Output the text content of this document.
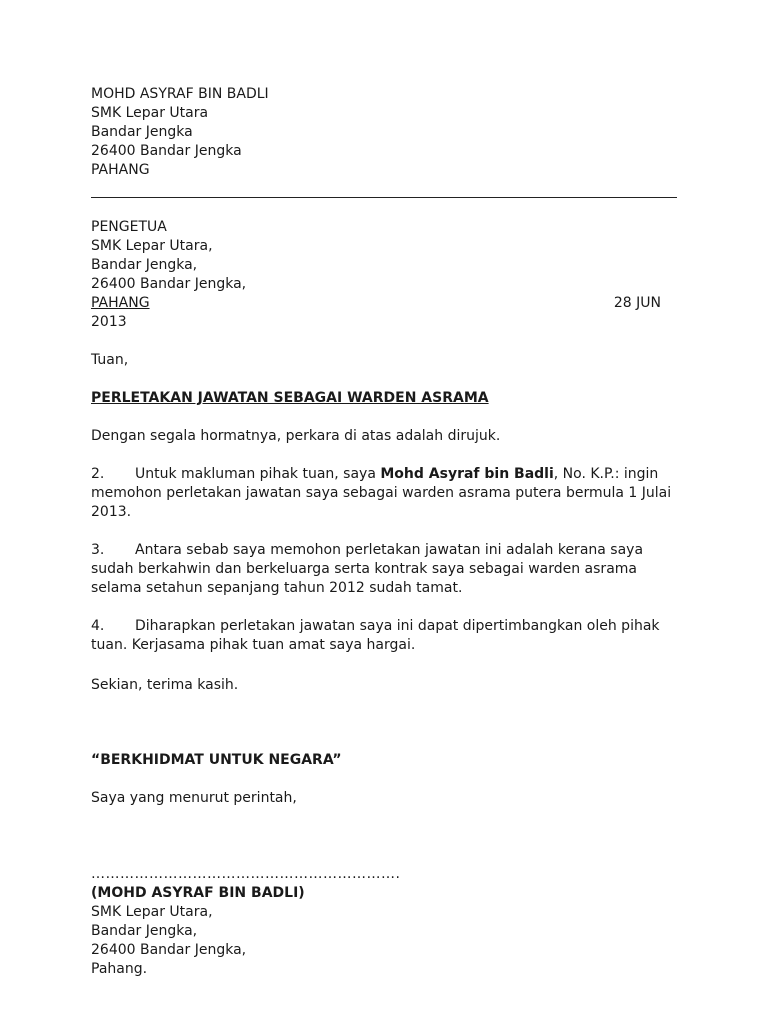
MOHD ASYRAF BIN BADLI
SMK Lepar Utara
Bandar Jengka
26400 Bandar Jengka
PAHANG
PENGETUA
SMK Lepar Utara,
Bandar Jengka,
26400 Bandar Jengka,
PAHANG	28 JUN
2013
Tuan,
PERLETAKAN JAWATAN SEBAGAI WARDEN ASRAMA
Dengan segala hormatnya, perkara di atas adalah dirujuk.
2. Untuk makluman pihak tuan, saya Mohd Asyraf bin Badli, No. K.P.: ingin memohon perletakan jawatan saya sebagai warden asrama putera bermula 1 Julai 2013.
3. Antara sebab saya memohon perletakan jawatan ini adalah kerana saya sudah berkahwin dan berkeluarga serta kontrak saya sebagai warden asrama selama setahun sepanjang tahun 2012 sudah tamat.
4. Diharapkan perletakan jawatan saya ini dapat dipertimbangkan oleh pihak tuan. Kerjasama pihak tuan amat saya hargai.
Sekian, terima kasih.
“BERKHIDMAT UNTUK NEGARA”
Saya yang menurut perintah,
……………………………………………………….
(MOHD ASYRAF BIN BADLI)
SMK Lepar Utara,
Bandar Jengka,
26400 Bandar Jengka,
Pahang.
